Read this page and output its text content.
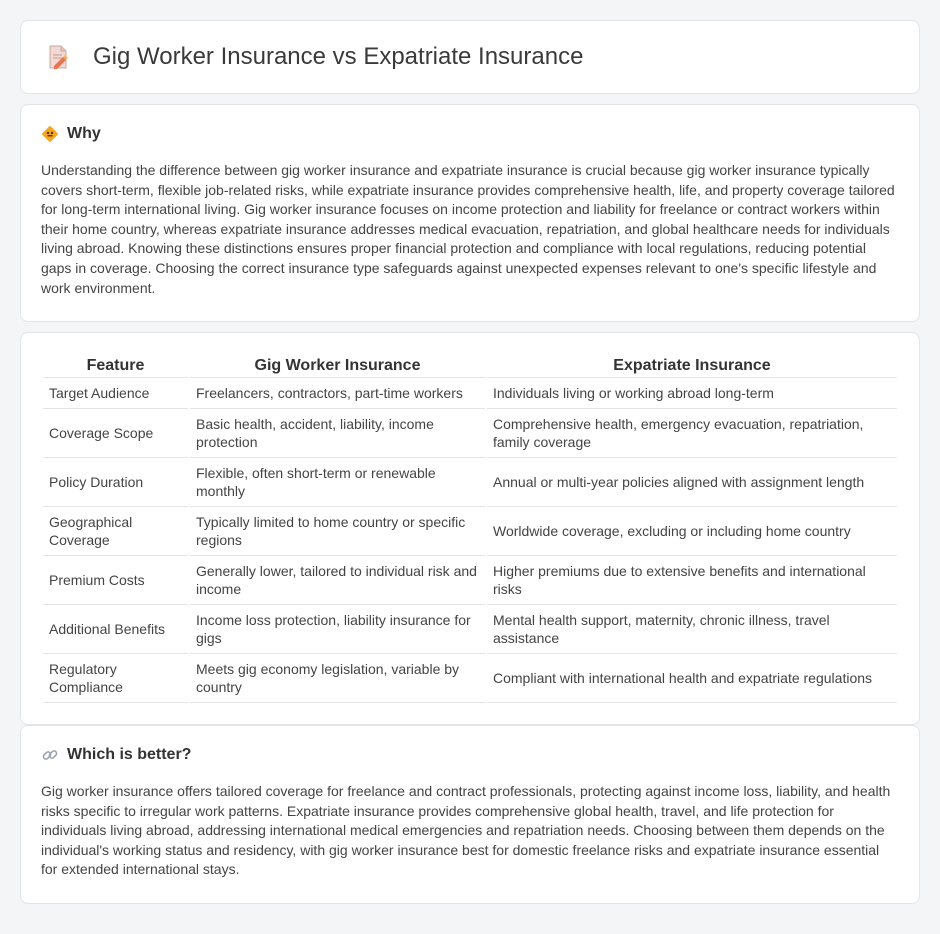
Gig Worker Insurance vs Expatriate Insurance
Why

Understanding the difference between gig worker insurance and expatriate insurance is crucial because gig worker insurance typically covers short-term, flexible job-related risks, while expatriate insurance provides comprehensive health, life, and property coverage tailored for long-term international living. Gig worker insurance focuses on income protection and liability for freelance or contract workers within their home country, whereas expatriate insurance addresses medical evacuation, repatriation, and global healthcare needs for individuals living abroad. Knowing these distinctions ensures proper financial protection and compliance with local regulations, reducing potential gaps in coverage. Choosing the correct insurance type safeguards against unexpected expenses relevant to one's specific lifestyle and work environment.

Feature	Gig Worker Insurance	Expatriate Insurance
Target Audience	Freelancers, contractors, part-time workers	Individuals living or working abroad long-term
Coverage Scope	Basic health, accident, liability, income protection	Comprehensive health, emergency evacuation, repatriation, family coverage
Policy Duration	Flexible, often short-term or renewable monthly	Annual or multi-year policies aligned with assignment length
Geographical Coverage	Typically limited to home country or specific regions	Worldwide coverage, excluding or including home country
Premium Costs	Generally lower, tailored to individual risk and income	Higher premiums due to extensive benefits and international risks
Additional Benefits	Income loss protection, liability insurance for gigs	Mental health support, maternity, chronic illness, travel assistance
Regulatory Compliance	Meets gig economy legislation, variable by country	Compliant with international health and expatriate regulations
Which is better?

Gig worker insurance offers tailored coverage for freelance and contract professionals, protecting against income loss, liability, and health risks specific to irregular work patterns. Expatriate insurance provides comprehensive global health, travel, and life protection for individuals living abroad, addressing international medical emergencies and repatriation needs. Choosing between them depends on the individual's working status and residency, with gig worker insurance best for domestic freelance risks and expatriate insurance essential for extended international stays.
